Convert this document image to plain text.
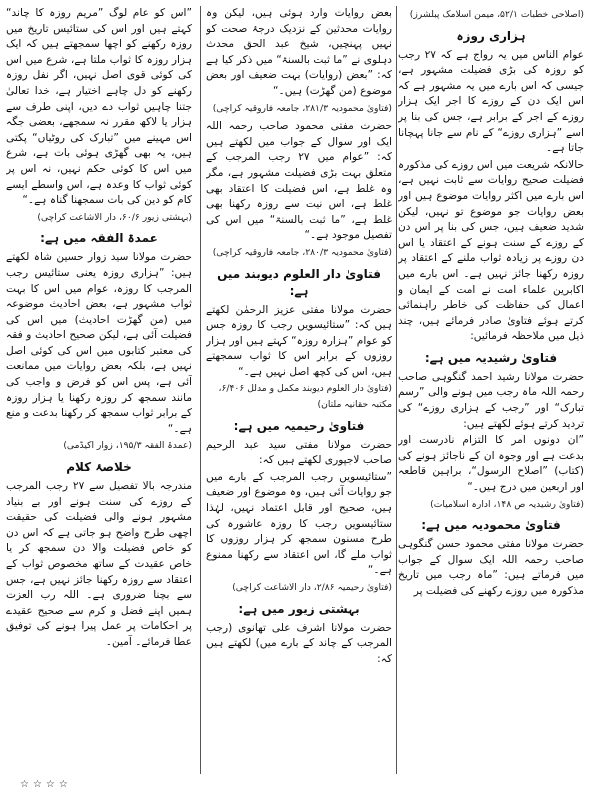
(اصلاحی خطبات ۵۲/۱، میمن اسلامک پبلشرز)
ہزاری روزہ
عوام الناس میں یہ رواج ہے کہ ۲۷ رجب کو روزہ کی بڑی فضیلت مشہور ہے، جیسی کہ اس بارے میں یہ مشہور ہے کہ اس ایک دن کے روزے کا اجر ایک ہزار روزے کے اجر کے برابر ہے، جس کی بنا پر اسے ”ہزاری روزے“ کے نام سے جانا پہچانا جاتا ہے۔
حالانکہ شریعت میں اس روزے کی مذکورہ فضیلت صحیح روایات سے ثابت نہیں ہے، اس بارے میں اکثر روایات موضوع ہیں اور بعض روایات جو موضوع تو نہیں، لیکن شدید ضعیف ہیں، جس کی بنا پر اس دن کے روزے کے سنت ہونے کے اعتقاد یا اس دن روزے پر زیادہ ثواب ملنے کے اعتقاد پر روزہ رکھنا جائز نہیں ہے۔ اس بارے میں اکابرین علماء امت نے امت کے ایمان و اعمال کی حفاظت کی خاطر راہنمائی کرتے ہوئے فتاویٰ صادر فرمائے ہیں، چند ذیل میں ملاحظہ فرمائیں:
فتاویٰ رشیدیہ میں ہے:
حضرت مولانا رشید احمد گنگوہی صاحب رحمہ اللہ ماہ رجب میں ہونے والی ”رسم تبارک“ اور ”رجب کے ہزاری روزے“ کی تردید کرتے ہوئے لکھتے ہیں:
”ان دونوں امر کا التزام نادرست اور بدعت ہے اور وجوہ ان کے ناجائز ہونے کی (کتاب) ”اصلاح الرسول“، براہین قاطعہ اور اربعین میں درج ہیں۔“
(فتاویٰ رشیدیہ ص ۱۴۸، ادارہ اسلامیات)
فتاویٰ محمودیہ میں ہے:
حضرت مولانا مفتی محمود حسن گنگوہی صاحب رحمہ اللہ ایک سوال کے جواب میں فرماتے ہیں: ”ماہ رجب میں تاریخ مذکورہ میں روزے رکھنے کی فضیلت پر
بعض روایات وارد ہوئی ہیں، لیکن وہ روایات محدثین کے نزدیک درجۂ صحت کو نہیں پہنچیں، شیخ عبد الحق محدث دہلوی نے ”ما ثبت بالسنۃ“ میں ذکر کیا ہے کہ: ”بعض (روایات) بہت ضعیف اور بعض موضوع (من گھڑت) ہیں۔“
(فتاویٰ محمودیہ ۲۸۱/۳، جامعہ فاروقیہ کراچی)
حضرت مفتی محمود صاحب رحمہ اللہ ایک اور سوال کے جواب میں لکھتے ہیں کہ: ”عوام میں ۲۷ رجب المرجب کے متعلق بہت بڑی فضیلت مشہور ہے، مگر وہ غلط ہے، اس فضیلت کا اعتقاد بھی غلط ہے، اس نیت سے روزہ رکھنا بھی غلط ہے، ”ما ثبت بالسنۃ“ میں اس کی تفصیل موجود ہے۔“
(فتاویٰ محمودیہ ۲۸۰/۳، جامعہ فاروقیہ کراچی)
فتاویٰ دار العلوم دیوبند میں ہے:
حضرت مولانا مفتی عزیز الرحمٰن لکھتے ہیں کہ: ”ستائیسویں رجب کا روزہ جس کو عوام ”ہزارہ روزہ“ کہتے ہیں اور ہزار روزوں کے برابر اس کا ثواب سمجھتے ہیں، اس کی کچھ اصل نہیں ہے۔“
(فتاویٰ دار العلوم دیوبند مکمل و مدلل ۶/۴۰۶، مکتبہ حقانیہ ملتان)
فتاویٰ رحیمیہ میں ہے:
حضرت مولانا مفتی سید عبد الرحیم صاحب لاجپوری لکھتے ہیں کہ:
”ستائیسویں رجب المرجب کے بارے میں جو روایات آئی ہیں، وہ موضوع اور ضعیف ہیں، صحیح اور قابل اعتماد نہیں، لہٰذا ستائیسویں رجب کا روزہ عاشورہ کی طرح مسنون سمجھ کر ہزار روزوں کا ثواب ملے گا، اس اعتقاد سے رکھنا ممنوع ہے۔“
(فتاویٰ رحیمیہ ۲/۸۶، دار الاشاعت کراچی)
بہشتی زیور میں ہے:
حضرت مولانا اشرف علی تھانوی (رجب المرجب کے چاند کے بارے میں) لکھتے ہیں کہ:
”اس کو عام لوگ ”مریم روزہ کا چاند“ کہتے ہیں اور اس کی ستائیس تاریخ میں روزہ رکھنے کو اچھا سمجھتے ہیں کہ ایک ہزار روزہ کا ثواب ملتا ہے، شرع میں اس کی کوئی قوی اصل نہیں، اگر نفل روزہ رکھنے کو دل چاہے اختیار ہے، خدا تعالیٰ جتنا چاہیں ثواب دے دیں، اپنی طرف سے ہزار یا لاکھ مقرر نہ سمجھے، بعضی جگہ اس مہینے میں ”تبارک کی روٹیاں“ پکتی ہیں، یہ بھی گھڑی ہوئی بات ہے، شرع میں اس کا کوئی حکم نہیں، نہ اس پر کوئی ثواب کا وعدہ ہے، اس واسطے ایسے کام کو دین کی بات سمجھنا گناہ ہے۔“
(بہشتی زیور ۶۰/۶، دار الاشاعت کراچی)
عمدۃ الفقہ میں ہے:
حضرت مولانا سید زوار حسین شاہ لکھتے ہیں: ”ہزاری روزہ یعنی ستائیس رجب المرجب کا روزہ، عوام میں اس کا بہت ثواب مشہور ہے، بعض احادیث موضوعہ میں (من گھڑت احادیث) میں اس کی فضیلت آئی ہے، لیکن صحیح احادیث و فقہ کی معتبر کتابوں میں اس کی کوئی اصل نہیں ہے، بلکہ بعض روایات میں ممانعت آئی ہے، پس اس کو فرض و واجب کی مانند سمجھ کر روزہ رکھنا یا ہزار روزہ کے برابر ثواب سمجھ کر رکھنا بدعت و منع ہے۔“
(عمدۃ الفقہ ۱۹۵/۳، زوار اکیڈمی)
خلاصۂ کلام
مندرجہ بالا تفصیل سے ۲۷ رجب المرجب کے روزے کی سنت ہونے اور بے بنیاد مشہور ہونے والی فضیلت کی حقیقت اچھی طرح واضح ہو جاتی ہے کہ اس دن کو خاص فضیلت والا دن سمجھ کر یا خاص عقیدت کے ساتھ مخصوص ثواب کے اعتقاد سے روزہ رکھنا جائز نہیں ہے، جس سے بچنا ضروری ہے۔ اللہ رب العزت ہمیں اپنے فضل و کرم سے صحیح عقیدے پر احکامات پر عمل پیرا ہونے کی توفیق عطا فرمائے۔ آمین۔
☆☆☆☆
